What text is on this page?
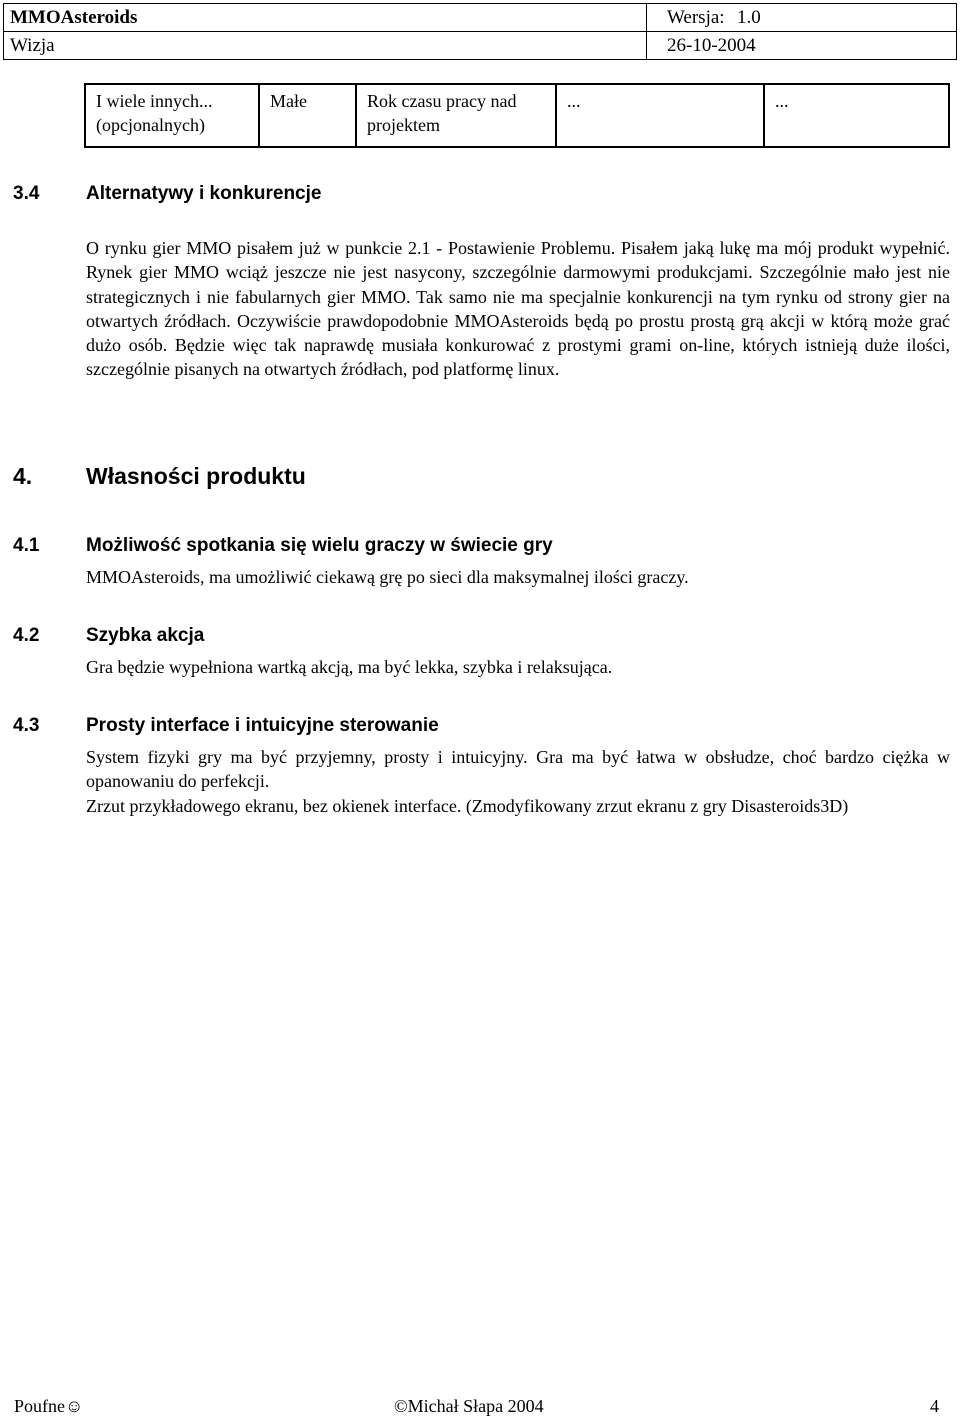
MMOAsteroids	Wersja: 1.0
Wizja	26-10-2004
I wiele innych... (opcjonalnych)	Małe	Rok czasu pracy nad projektem	...	...
3.4 Alternatywy i konkurencje

O rynku gier MMO pisałem już w punkcie 2.1 - Postawienie Problemu. Pisałem jaką lukę ma mój produkt wypełnić. Rynek gier MMO wciąż jeszcze nie jest nasycony, szczególnie darmowymi produkcjami. Szczególnie mało jest nie strategicznych i nie fabularnych gier MMO. Tak samo nie ma specjalnie konkurencji na tym rynku od strony gier na otwartych źródłach. Oczywiście prawdopodobnie MMOAsteroids będą po prostu prostą grą akcji w którą może grać dużo osób. Będzie więc tak naprawdę musiała konkurować z prostymi grami on-line, których istnieją duże ilości, szczególnie pisanych na otwartych źródłach, pod platformę linux.

4. Własności produktu
4.1 Możliwość spotkania się wielu graczy w świecie gry

MMOAsteroids, ma umożliwić ciekawą grę po sieci dla maksymalnej ilości graczy.

4.2 Szybka akcja

Gra będzie wypełniona wartką akcją, ma być lekka, szybka i relaksująca.

4.3 Prosty interface i intuicyjne sterowanie

System fizyki gry ma być przyjemny, prosty i intuicyjny. Gra ma być łatwa w obsłudze, choć bardzo ciężka w opanowaniu do perfekcji.

Zrzut przykładowego ekranu, bez okienek interface. (Zmodyfikowany zrzut ekranu z gry Disasteroids3D)

Poufne☺	©Michał Słapa 2004	4
